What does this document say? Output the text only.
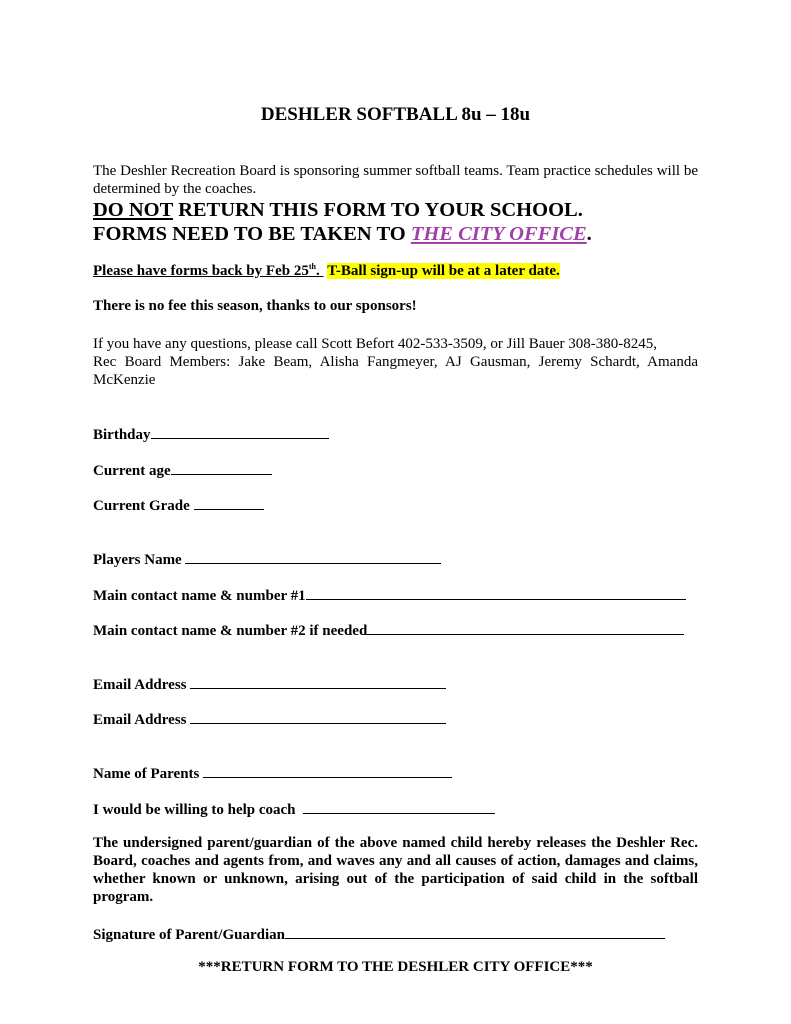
DESHLER SOFTBALL 8u – 18u
The Deshler Recreation Board is sponsoring summer softball teams. Team practice schedules will be determined by the coaches.
DO NOT RETURN THIS FORM TO YOUR SCHOOL.
FORMS NEED TO BE TAKEN TO THE CITY OFFICE.
Please have forms back by Feb 25th. T-Ball sign-up will be at a later date.
There is no fee this season, thanks to our sponsors!
If you have any questions, please call Scott Befort 402-533-3509, or Jill Bauer 308-380-8245,
Rec Board Members: Jake Beam, Alisha Fangmeyer, AJ Gausman, Jeremy Schardt, Amanda McKenzie
Birthday
Current age
Current Grade
Players Name
Main contact name & number #1
Main contact name & number #2 if needed
Email Address
Email Address
Name of Parents
I would be willing to help coach
The undersigned parent/guardian of the above named child hereby releases the Deshler Rec. Board, coaches and agents from, and waves any and all causes of action, damages and claims, whether known or unknown, arising out of the participation of said child in the softball program.
Signature of Parent/Guardian
***RETURN FORM TO THE DESHLER CITY OFFICE***
